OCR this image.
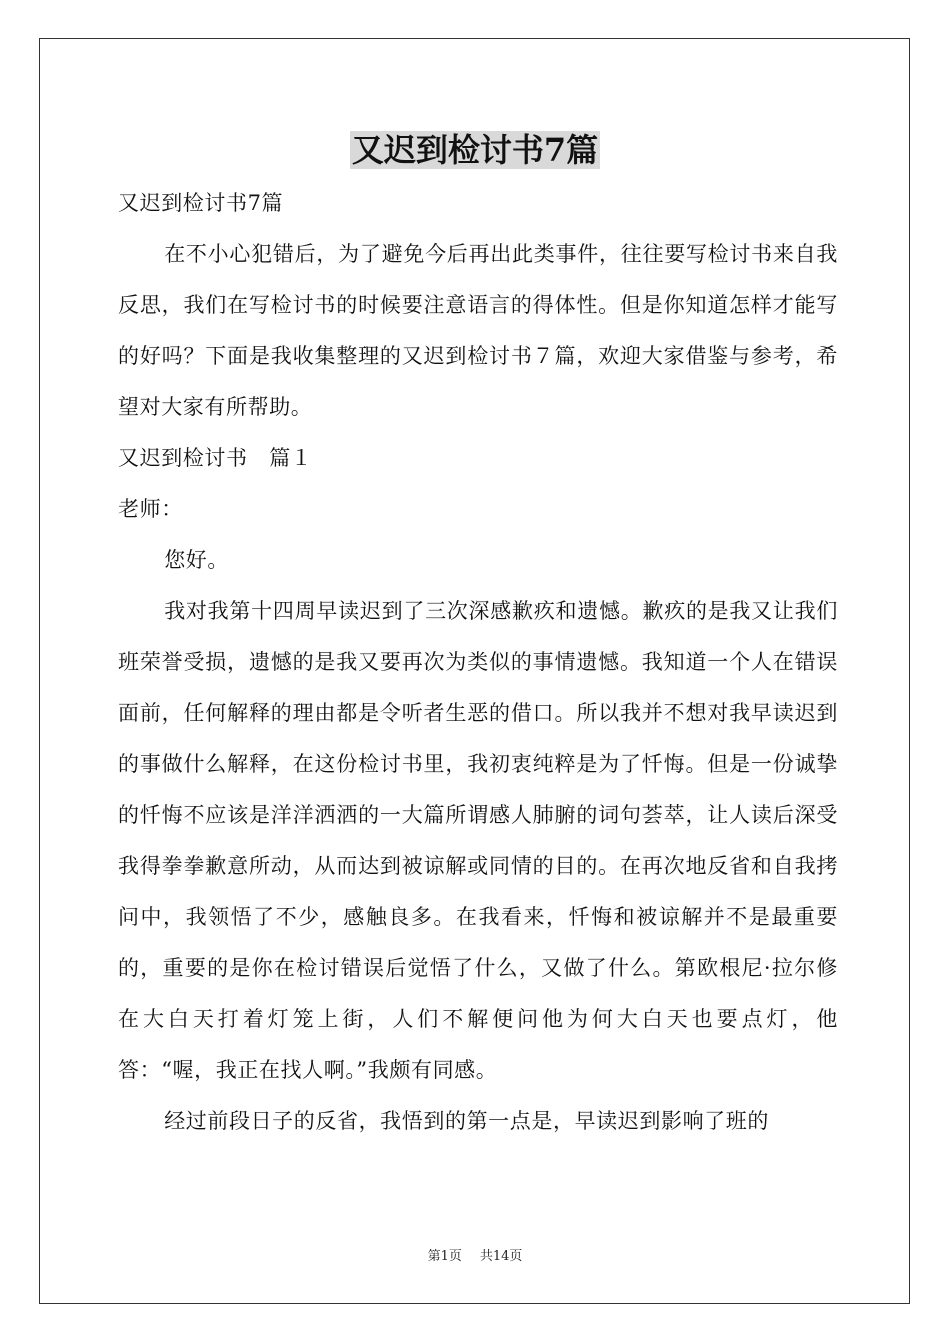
又迟到检讨书7篇

又迟到检讨书7篇

在不小心犯错后，为了避免今后再出此类事件，往往要写检讨书来自我反思，我们在写检讨书的时候要注意语言的得体性。但是你知道怎样才能写的好吗？下面是我收集整理的又迟到检讨书７篇，欢迎大家借鉴与参考，希望对大家有所帮助。

又迟到检讨书　篇１

老师：

您好。

我对我第十四周早读迟到了三次深感歉疚和遗憾。歉疚的是我又让我们班荣誉受损，遗憾的是我又要再次为类似的事情遗憾。我知道一个人在错误面前，任何解释的理由都是令听者生恶的借口。所以我并不想对我早读迟到的事做什么解释，在这份检讨书里，我初衷纯粹是为了忏悔。但是一份诚挚的忏悔不应该是洋洋洒洒的一大篇所谓感人肺腑的词句荟萃，让人读后深受我得拳拳歉意所动，从而达到被谅解或同情的目的。在再次地反省和自我拷问中，我领悟了不少，感触良多。在我看来，忏悔和被谅解并不是最重要的，重要的是你在检讨错误后觉悟了什么，又做了什么。第欧根尼·拉尔修在大白天打着灯笼上街，人们不解便问他为何大白天也要点灯，他答：“喔，我正在找人啊。”我颇有同感。

经过前段日子的反省，我悟到的第一点是，早读迟到影响了班的

第1页 共14页
